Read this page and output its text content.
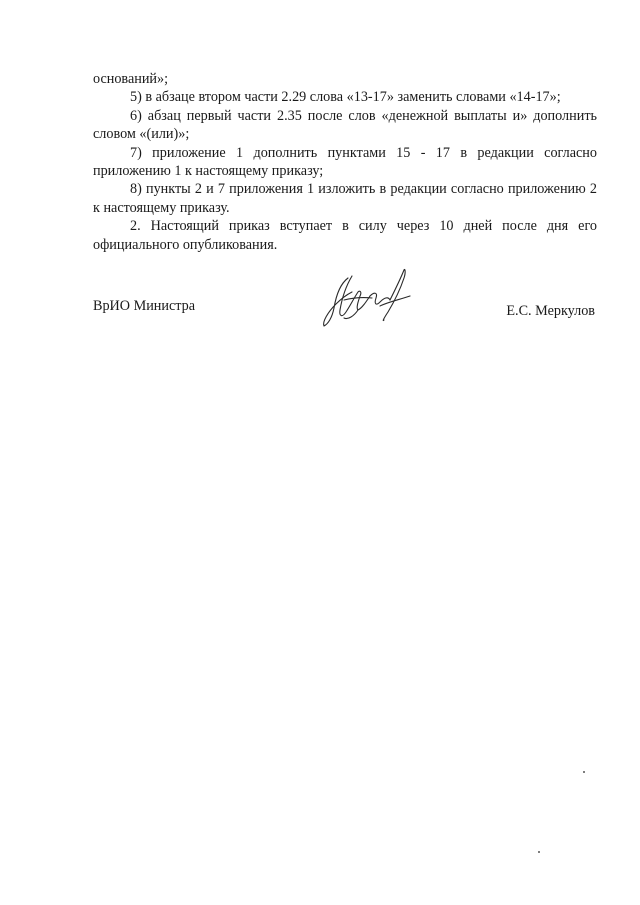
оснований»;

5) в абзаце втором части 2.29 слова «13-17» заменить словами «14-17»;

6) абзац первый части 2.35 после слов «денежной выплаты и» дополнить словом «(или)»;

7) приложение 1 дополнить пунктами 15 - 17 в редакции согласно приложению 1 к настоящему приказу;

8) пункты 2 и 7 приложения 1 изложить в редакции согласно приложению 2 к настоящему приказу.

2. Настоящий приказ вступает в силу через 10 дней после дня его официального опубликования.

ВрИО Министра	Е.С. Меркулов
